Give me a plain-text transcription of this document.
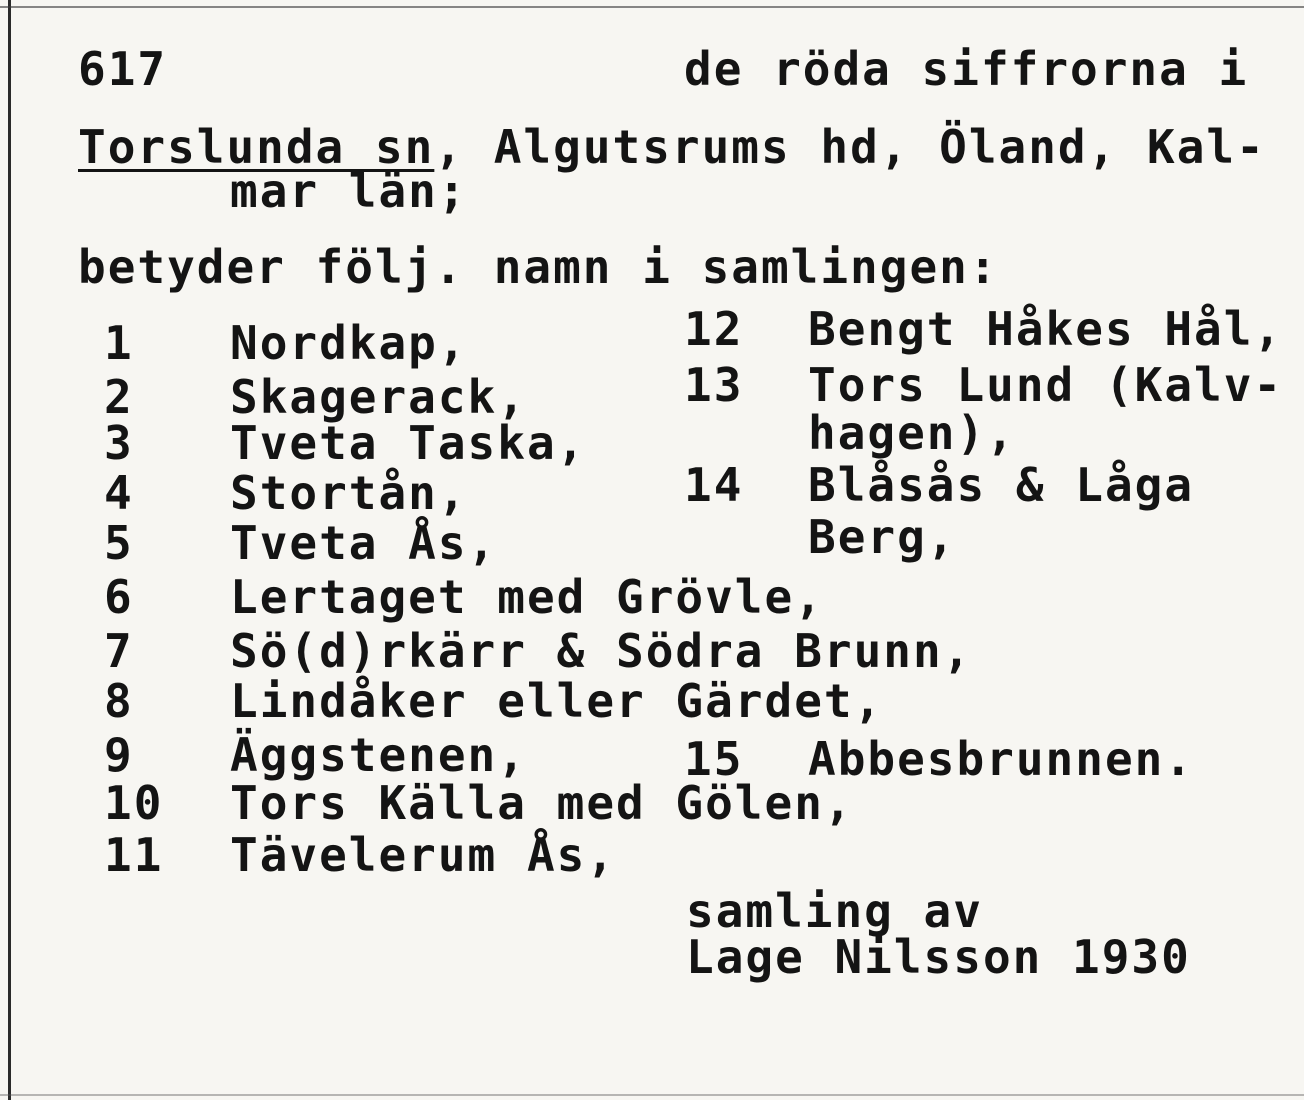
617	de röda siffrorna i
Torslunda sn, Algutsrums hd, Öland, Kal-
mar län;
betyder följ. namn i samlingen:
1 Nordkap,
2 Skagerack,
3 Tveta Taska,
4 Stortån,
5 Tveta Ås,
6 Lertaget med Grövle,
7 Sö(d)rkärr & Södra Brunn,
8 Lindåker eller Gärdet,
9 Äggstenen,
10 Tors Källa med Gölen,
11 Tävelerum Ås,
12 Bengt Håkes Hål,
13 Tors Lund (Kalv-
hagen),
14 Blåsås & Låga
Berg,
15 Abbesbrunnen.
samling av
Lage Nilsson 1930
